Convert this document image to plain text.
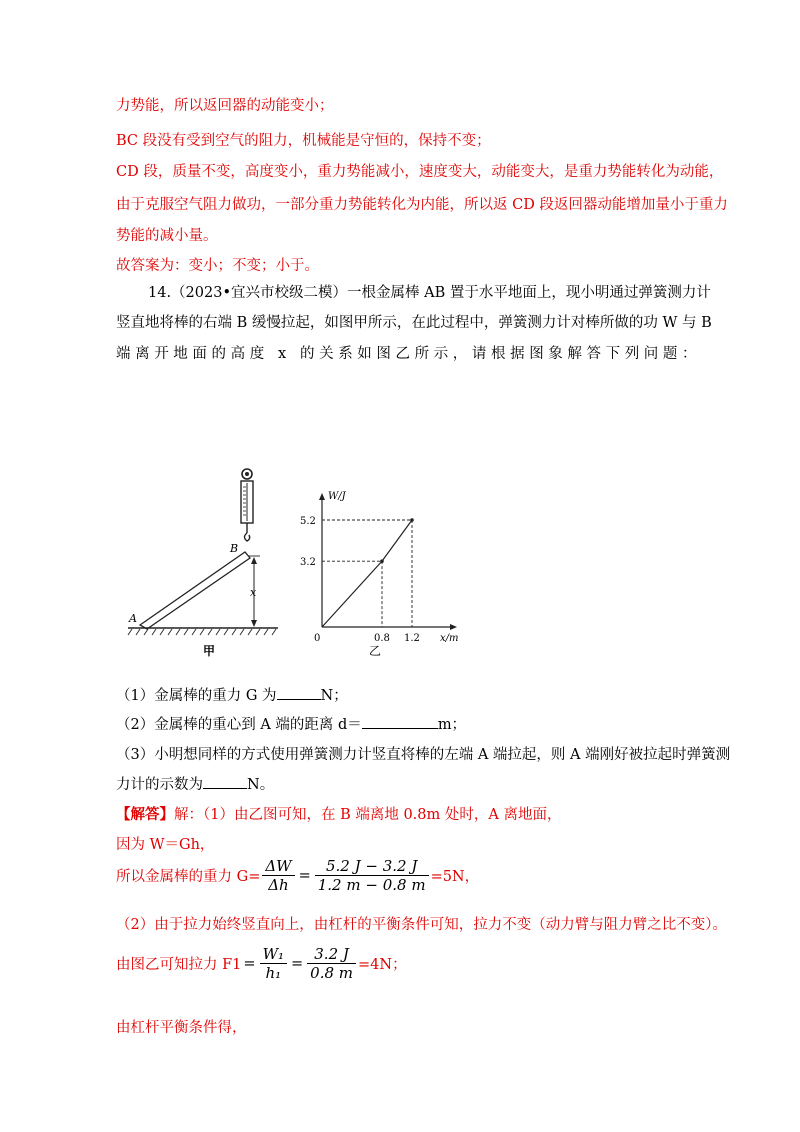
力势能，所以返回器的动能变小；
BC 段没有受到空气的阻力，机械能是守恒的，保持不变；
CD 段，质量不变，高度变小，重力势能减小，速度变大，动能变大，是重力势能转化为动能，
由于克服空气阻力做功，一部分重力势能转化为内能，所以返 CD 段返回器动能增加量小于重力
势能的减小量。
故答案为：变小；不变；小于。
14.（2023•宜兴市校级二模）一根金属棒 AB 置于水平地面上，现小明通过弹簧测力计
竖直地将棒的右端 B 缓慢拉起，如图甲所示，在此过程中，弹簧测力计对棒所做的功 W 与 B
端离开地面的高度 x 的关系如图乙所示，请根据图象解答下列问题：
B
A
x
甲
W/J
x/m
0
3.2
5.2
0.8 1.2
乙
（1）金属棒的重力 G 为	N；
（2）金属棒的重心到 A 端的距离 d＝	m；
（3）小明想同样的方式使用弹簧测力计竖直将棒的左端 A 端拉起，则 A 端刚好被拉起时弹簧测
力计的示数为	N。
【解答】解：（1）由乙图可知，在 B 端离地 0.8m 处时，A 离地面，
因为 W＝Gh，
所以金属棒的重力 $G= \frac{\Delta W}{\Delta h} = \frac{5.2 J - 3.2 J}{1.2 m - 0.8 m} =5N$，
（2）由于拉力始终竖直向上，由杠杆的平衡条件可知，拉力不变（动力臂与阻力臂之比不变）。
由图乙可知拉力 $F1 = \frac{\text{W₁}}{\text{h₁}} = \frac{3.2 J}{0.8 m} =4N$；
由杠杆平衡条件得，
